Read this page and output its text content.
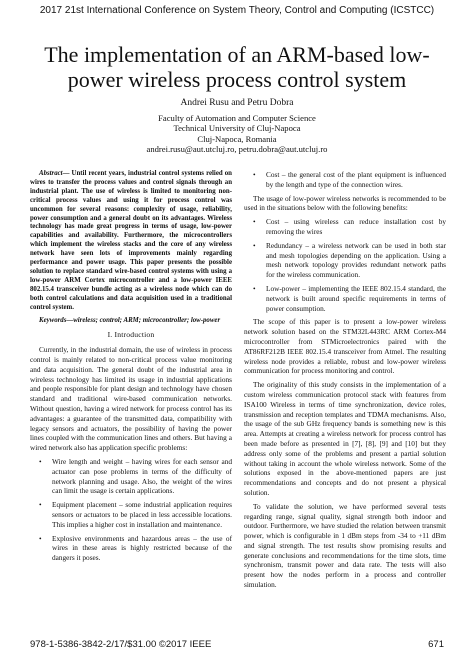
2017 21st International Conference on System Theory, Control and Computing (ICSTCC)
The implementation of an ARM-based low-power wireless process control system
Andrei Rusu and Petru Dobra
Faculty of Automation and Computer Science
Technical University of Cluj-Napoca
Cluj-Napoca, Romania
andrei.rusu@aut.utcluj.ro, petru.dobra@aut.utcluj.ro

Abstract— Until recent years, industrial control systems relied on wires to transfer the process values and control signals through an industrial plant. The use of wireless is limited to monitoring non-critical process values and using it for process control was uncommon for several reasons: complexity of usage, reliability, power consumption and a general doubt on its advantages. Wireless technology has made great progress in terms of usage, low-power capabilities and availability. Furthermore, the microcontrollers which implement the wireless stacks and the core of any wireless network have seen lots of improvements mainly regarding performance and power usage. This paper presents the possible solution to replace standard wire-based control systems with using a low-power ARM Cortex microcontroller and a low-power IEEE 802.15.4 transceiver bundle acting as a wireless node which can do both control calculations and data acquisition used in a traditional control system.

Keywords—wireless; control; ARM; microcontroller; low-power

I. Introduction

Currently, in the industrial domain, the use of wireless in process control is mainly related to non-critical process value monitoring and data acquisition. The general doubt of the industrial area in wireless technology has limited its usage in industrial applications and people responsible for plant design and technology have chosen standard and traditional wire-based communication networks. Without question, having a wired network for process control has its advantages: a guarantee of the transmitted data, compatibility with legacy sensors and actuators, the possibility of having the power lines coupled with the communication lines and others. But having a wired network also has application specific problems:

• Wire length and weight – having wires for each sensor and actuator can pose problems in terms of the difficulty of network planning and usage. Also, the weight of the wires can limit the usage is certain applications.
• Equipment placement – some industrial application requires sensors or actuators to be placed in less accessible locations. This implies a higher cost in installation and maintenance.
• Explosive environments and hazardous areas – the use of wires in these areas is highly restricted because of the dangers it poses.
• Cost – the general cost of the plant equipment is influenced by the length and type of the connection wires.

The usage of low-power wireless networks is recommended to be used in the situations below with the following benefits:

• Cost – using wireless can reduce installation cost by removing the wires
• Redundancy – a wireless network can be used in both star and mesh topologies depending on the application. Using a mesh network topology provides redundant network paths for the wireless communication.
• Low-power – implementing the IEEE 802.15.4 standard, the network is built around specific requirements in terms of power consumption.

The scope of this paper is to present a low-power wireless network solution based on the STM32L443RC ARM Cortex-M4 microcontroller from STMicroelectronics paired with the AT86RF212B IEEE 802.15.4 transceiver from Atmel. The resulting wireless node provides a reliable, robust and low-power wireless communication for process monitoring and control.

The originality of this study consists in the implementation of a custom wireless communication protocol stack with features from ISA100 Wireless in terms of time synchronization, device roles, transmission and reception templates and TDMA mechanisms. Also, the usage of the sub GHz frequency bands is something new is this area. Attempts at creating a wireless network for process control has been made before as presented in [7], [8], [9] and [10] but they address only some of the problems and present a partial solution without taking in account the whole wireless network. Some of the solutions exposed in the above-mentioned papers are just recommendations and concepts and do not present a physical solution.

To validate the solution, we have performed several tests regarding range, signal quality, signal strength both indoor and outdoor. Furthermore, we have studied the relation between transmit power, which is configurable in 1 dBm steps from -34 to +11 dBm and signal strength. The test results show promising results and generate conclusions and recommendations for the time slots, time synchronism, transmit power and data rate. The tests will also present how the nodes perform in a process and controller simulation.

978-1-5386-3842-2/17/$31.00 ©2017 IEEE	671
